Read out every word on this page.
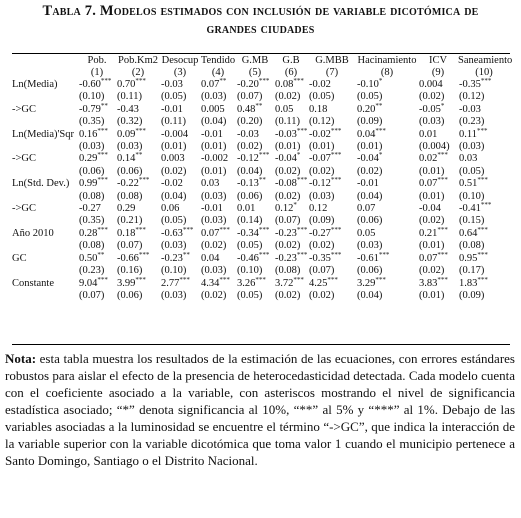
Tabla 7. Modelos estimados con inclusión de variable dicotómica de
grandes ciudades
	Pob.	Pob.Km2	Desocup	Tendido	G.MB	G.B	G.MBB	Hacinamiento	ICV	Saneamiento
	(1)	(2)	(3)	(4)	(5)	(6)	(7)	(8)	(9)	(10)
Ln(Media)	-0.60***	0.70***	-0.03	0.07**	-0.20***	0.08***	-0.02	-0.10*	0.004	-0.35***
	(0.10)	(0.11)	(0.05)	(0.03)	(0.07)	(0.02)	(0.05)	(0.05)	(0.02)	(0.12)
->GC	-0.79**	-0.43	-0.01	0.005	0.48**	0.05	0.18	0.20**	-0.05*	-0.03
	(0.35)	(0.32)	(0.11)	(0.04)	(0.20)	(0.11)	(0.12)	(0.09)	(0.03)	(0.23)
Ln(Media)'Sqr	0.16***	0.09***	-0.004	-0.01	-0.03	-0.03***	-0.02***	0.04***	0.01	0.11***
	(0.03)	(0.03)	(0.01)	(0.01)	(0.02)	(0.01)	(0.01)	(0.01)	(0.004)	(0.03)
->GC	0.29***	0.14**	0.003	-0.002	-0.12***	-0.04*	-0.07***	-0.04*	0.02***	0.03
	(0.06)	(0.06)	(0.02)	(0.01)	(0.04)	(0.02)	(0.02)	(0.02)	(0.01)	(0.05)
Ln(Std. Dev.)	0.99***	-0.22***	-0.02	0.03	-0.13**	-0.08***	-0.12***	-0.01	0.07***	0.51***
	(0.08)	(0.08)	(0.04)	(0.03)	(0.06)	(0.02)	(0.03)	(0.04)	(0.01)	(0.10)
->GC	-0.27	0.29	0.06	-0.01	0.01	0.12*	0.12	0.07	-0.04	-0.41***
	(0.35)	(0.21)	(0.05)	(0.03)	(0.14)	(0.07)	(0.09)	(0.06)	(0.02)	(0.15)
Año 2010	0.28***	0.18***	-0.63***	0.07***	-0.34***	-0.23***	-0.27***	0.05	0.21***	0.64***
	(0.08)	(0.07)	(0.03)	(0.02)	(0.05)	(0.02)	(0.02)	(0.03)	(0.01)	(0.08)
GC	0.50**	-0.66***	-0.23**	0.04	-0.46***	-0.23***	-0.35***	-0.61***	0.07***	0.95***
	(0.23)	(0.16)	(0.10)	(0.03)	(0.10)	(0.08)	(0.07)	(0.06)	(0.02)	(0.17)
Constante	9.04***	3.99***	2.77***	4.34***	3.26***	3.72***	4.25***	3.29***	3.83***	1.83***
	(0.07)	(0.06)	(0.03)	(0.02)	(0.05)	(0.02)	(0.02)	(0.04)	(0.01)	(0.09)
Nota: esta tabla muestra los resultados de la estimación de las ecuaciones, con errores estándares robustos para aislar el efecto de la presencia de heterocedasticidad detectada. Cada modelo cuenta con el coeficiente asociado a la variable, con asteriscos mostrando el nivel de significancia estadística asociado; “*” denota significancia al 10%, “**” al 5% y “***” al 1%. Debajo de las variables asociadas a la luminosidad se encuentre el término “->GC”, que indica la interacción de la variable superior con la variable dicotómica que toma valor 1 cuando el municipio pertenece a Santo Domingo, Santiago o el Distrito Nacional.
